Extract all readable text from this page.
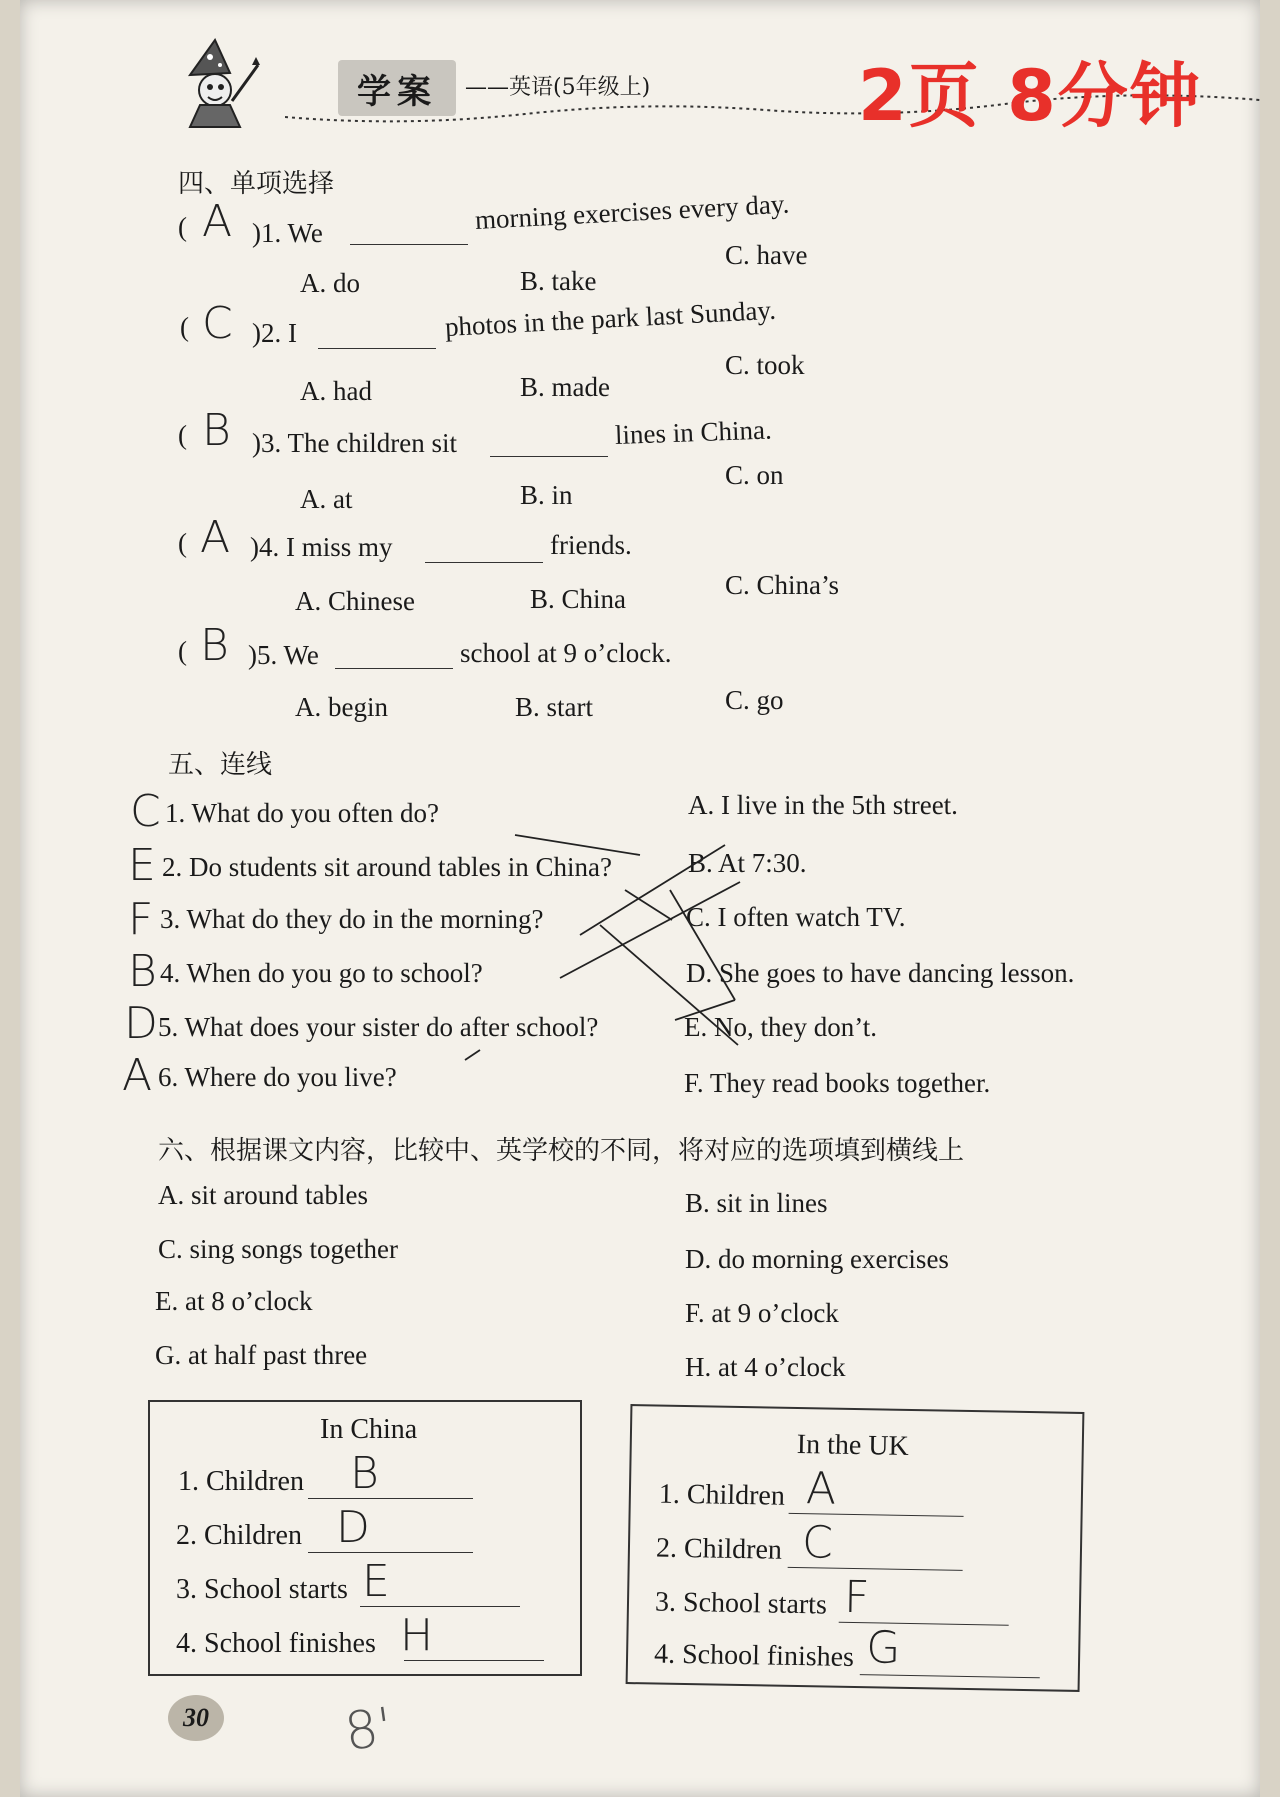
学案	——英语(5年级上)	2页 8分钟
四、单项选择
( A )1. We	morning exercises every day.
A. do	B. take
C. have
( C )2. I	photos in the park last Sunday.
A. had	B. made
C. took
( B )3. The children sit	lines in China.
A. at	B. in
C. on
( A )4. I miss my	friends.
A. Chinese	B. China	C. China’s
( B )5. We	school at 9 o’clock.
A. begin	B. start	C. go
五、连线
C 1. What do you often do?
E 2. Do students sit around tables in China?
F 3. What do they do in the morning?
B 4. When do you go to school?
D 5. What does your sister do after school?
A 6. Where do you live?
A. I live in the 5th street.
B. At 7:30.
C. I often watch TV.
D. She goes to have dancing lesson.
E. No, they don’t.
F. They read books together.
六、根据课文内容，比较中、英学校的不同，将对应的选项填到横线上
A. sit around tables	B. sit in lines
C. sing songs together	D. do morning exercises
E. at 8 o’clock	F. at 9 o’clock
G. at half past three	H. at 4 o’clock
In China
1. Children B
2. Children D
3. School starts E
4. School finishes H
In the UK
1. Children A
2. Children C
3. School starts F
4. School finishes G
30	8'
